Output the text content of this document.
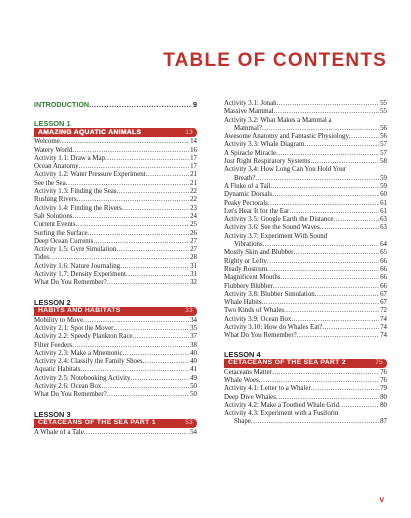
TABLE OF CONTENTS
INTRODUCTION .....	9
LESSON 1
AMAZING AQUATIC ANIMALS	13
Welcome .....	14
Watery World .....	16
Activity 1.1: Draw a Map .....	17
Ocean Anatomy .....	17
Activity 1.2: Water Pressure Experiment .....	21
See the Sea .....	21
Activity 1.3: Finding the Seas .....	22
Rushing Rivers .....	22
Activity 1.4: Finding the Rivers .....	23
Salt Solutions .....	24
Current Events .....	25
Surfing the Surface .....	26
Deep Ocean Currents .....	27
Activity 1.5: Gyre Simulation .....	27
Tides .....	28
Activity 1.6: Nature Journaling .....	31
Activity 1.7: Density Experiment .....	31
What Do You Remember? .....	32
LESSON 2
HABITS AND HABITATS	33
Mobility to Move .....	34
Activity 2.1: Spot the Mover .....	35
Activity 2.2: Speedy Plankton Race .....	37
Filter Feeders .....	38
Activity 2.3: Make a Mnemonic .....	40
Activity 2.4: Classify the Family Shoes .....	40
Aquatic Habitats .....	41
Activity 2.5: Notebooking Activity .....	49
Activity 2.6: Ocean Box .....	50
What Do You Remember? .....	50
LESSON 3
CETACEANS OF THE SEA PART 1	53
A Whale of a Tale .....	54
Activity 3.1: Jonah .....	55
Massive Mammal .....	55
Activity 3.2: What Makes a Mammal a
Mammal? .....	56
Awesome Anatomy and Fantastic Physiology .....	56
Activity 3.3: Whale Diagram .....	57
A Spiracle Miracle .....	57
Just Right Respiratory Systems .....	58
Activity 3.4: How Long Can You Hold Your
Breath? .....	59
A Fluke of a Tail .....	59
Dynamic Dorsals .....	60
Peaky Pectorals .....	61
Let's Hear It for the Ear .....	61
Activity 3.5: Google Earth the Distance .....	63
Activity 3.6: See the Sound Waves .....	63
Activity 3.7: Experiment With Sound
Vibrations .....	64
Mostly Skin and Blubber .....	65
Righty or Lefty .....	66
Ready Rostrum .....	66
Magnificent Mouths .....	66
Flubbery Blubber .....	66
Activity 3.8: Blubber Simulation .....	67
Whale Habits .....	67
Two Kinds of Whales .....	72
Activity 3.9: Ocean Box .....	74
Activity 3.10: How do Whales Eat? .....	74
What Do You Remember? .....	74
LESSON 4
CETACEANS OF THE SEA PART 2	75
Cetaceans Matter .....	76
Whale Woes .....	76
Activity 4.1: Letter to a Whaler .....	79
Deep Dive Whales .....	80
Activity 4.2: Make a Toothed Whale Grid .....	80
Activity 4.3: Experiment with a Fusiform
Shape .....	87
v
